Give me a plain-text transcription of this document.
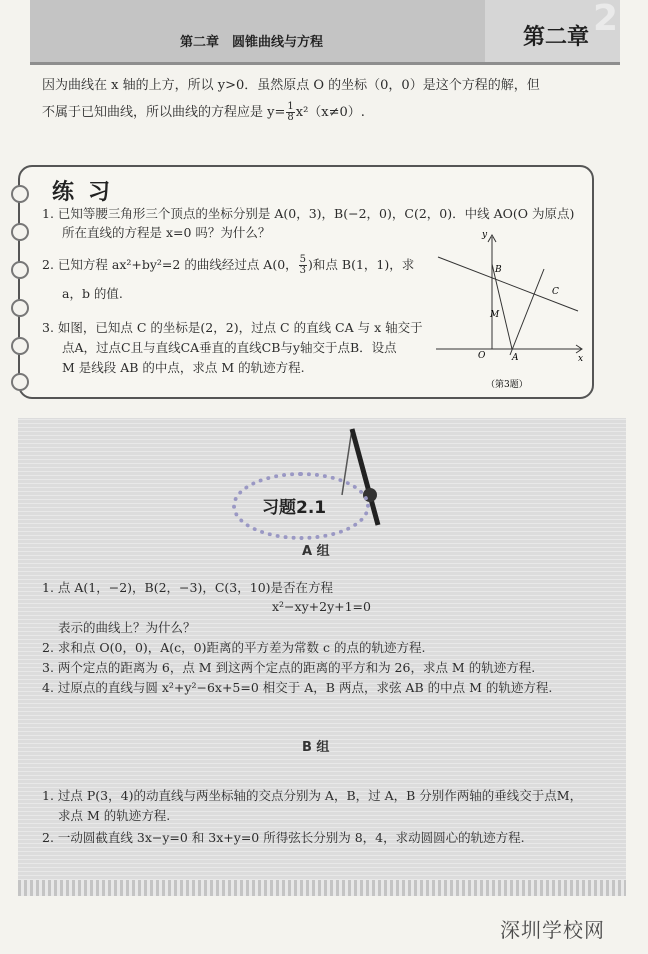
第二章　圆锥曲线与方程
2
第二章
因为曲线在 x 轴的上方，所以 y>0．虽然原点 O 的坐标（0，0）是这个方程的解，但
不属于已知曲线，所以曲线的方程应是 $y= \frac{1}{8} x^2(x\ne 0)$.
练习
1. 已知等腰三角形三个顶点的坐标分别是 A(0，3)，B(−2，0)，C(2，0)．中线 AO(O 为原点)
所在直线的方程是 x=0 吗？为什么？
2. 已知方程 ax²+by²=2 的曲线经过点 A(0， $\frac{5}{3}$ )和点 B(1，1)，求
a，b 的值.
3. 如图，已知点 C 的坐标是(2，2)，过点 C 的直线 CA 与 x 轴交于
点A，过点C且与直线CA垂直的直线CB与y轴交于点B．设点
M 是线段 AB 的中点，求点 M 的轨迹方程.
y
x
O	A
B
C
M
（第3题）
习题2.1
A 组
1. 点 A(1，−2)，B(2，−3)，C(3，10)是否在方程
x²−xy+2y+1=0
表示的曲线上？为什么？
2. 求和点 O(0，0)，A(c，0)距离的平方差为常数 c 的点的轨迹方程.
3. 两个定点的距离为 6，点 M 到这两个定点的距离的平方和为 26，求点 M 的轨迹方程.
4. 过原点的直线与圆 x²+y²−6x+5=0 相交于 A，B 两点，求弦 AB 的中点 M 的轨迹方程.
B 组
1. 过点 P(3，4)的动直线与两坐标轴的交点分别为 A，B，过 A，B 分别作两轴的垂线交于点M，
求点 M 的轨迹方程.
2. 一动圆截直线 3x−y=0 和 3x+y=0 所得弦长分别为 8，4，求动圆圆心的轨迹方程.
深圳学校网
